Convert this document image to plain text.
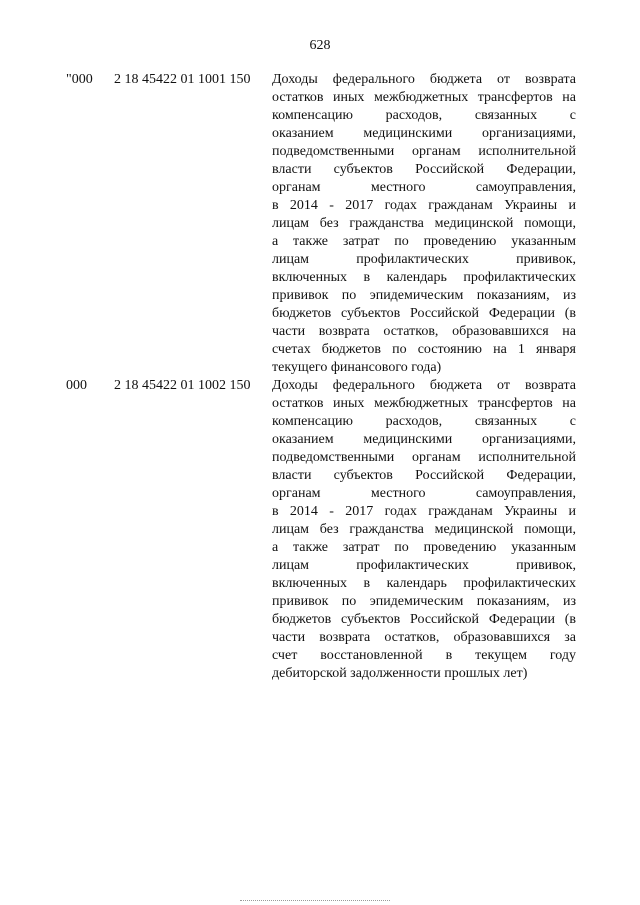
628
"000	2 18 45422 01 1001 150	Доходы федерального бюджета от возврата
остатков иных межбюджетных трансфертов на
компенсацию расходов, связанных с
оказанием медицинскими организациями,
подведомственными органам исполнительной
власти субъектов Российской Федерации,
органам местного самоуправления,
в 2014 - 2017 годах гражданам Украины и
лицам без гражданства медицинской помощи,
а также затрат по проведению указанным
лицам профилактических прививок,
включенных в календарь профилактических
прививок по эпидемическим показаниям, из
бюджетов субъектов Российской Федерации (в
части возврата остатков, образовавшихся на
счетах бюджетов по состоянию на 1 января
текущего финансового года)
000	2 18 45422 01 1002 150	Доходы федерального бюджета от возврата
остатков иных межбюджетных трансфертов на
компенсацию расходов, связанных с
оказанием медицинскими организациями,
подведомственными органам исполнительной
власти субъектов Российской Федерации,
органам местного самоуправления,
в 2014 - 2017 годах гражданам Украины и
лицам без гражданства медицинской помощи,
а также затрат по проведению указанным
лицам профилактических прививок,
включенных в календарь профилактических
прививок по эпидемическим показаниям, из
бюджетов субъектов Российской Федерации (в
части возврата остатков, образовавшихся за
счет восстановленной в текущем году
дебиторской задолженности прошлых лет)
